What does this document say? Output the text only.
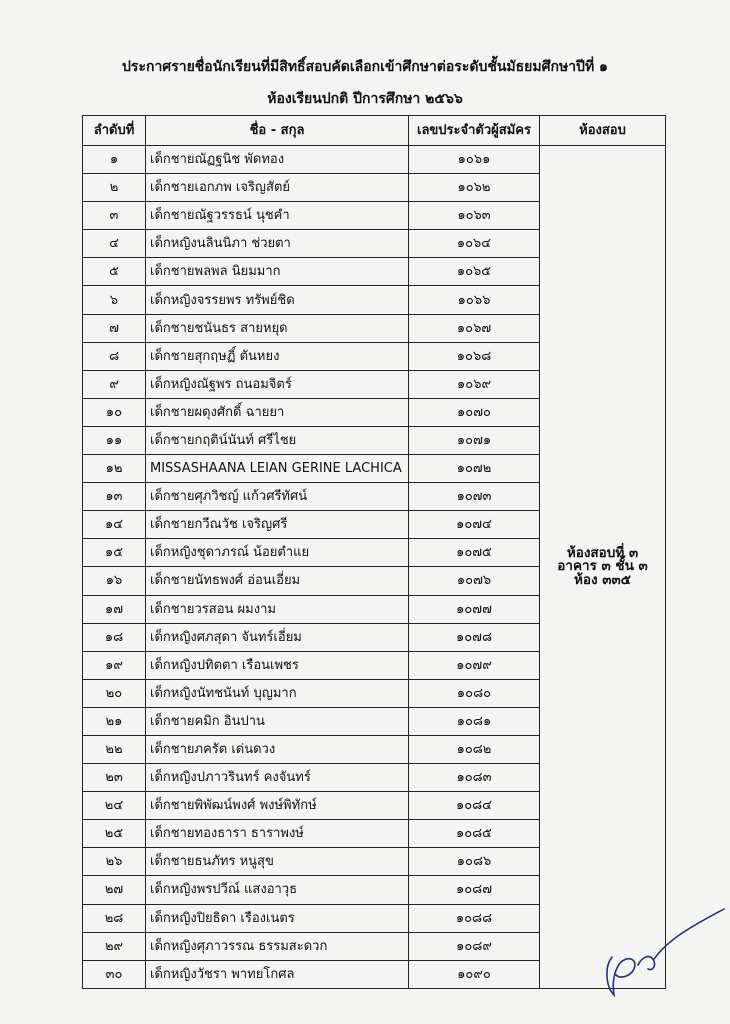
ประกาศรายชื่อนักเรียนที่มีสิทธิ์สอบคัดเลือกเข้าศึกษาต่อระดับชั้นมัธยมศึกษาปีที่ ๑
ห้องเรียนปกติ ปีการศึกษา ๒๕๖๖
ลำดับที่	ชื่อ - สกุล	เลขประจำตัวผู้สมัคร	ห้องสอบ
๑	เด็กชายณัฏฐนิช พัดทอง	๑๐๖๑	ห้องสอบที่ ๓
อาคาร ๓ ชั้น ๓
ห้อง ๓๓๕

๒	เด็กชายเอกภพ เจริญสัตย์	๑๐๖๒	
๓	เด็กชายณัฐวรรธน์ นุชคำ	๑๐๖๓	
๔	เด็กหญิงนลินนิภา ช่วยตา	๑๐๖๔	
๕	เด็กชายพลพล นิยมมาก	๑๐๖๕	
๖	เด็กหญิงจรรยพร ทรัพย์ชิด	๑๐๖๖	
๗	เด็กชายชนันธร สายหยุด	๑๐๖๗	
๘	เด็กชายสุกฤษฏิ์ ตันหยง	๑๐๖๘	
๙	เด็กหญิงณัฐพร ถนอมจิตร์	๑๐๖๙	
๑๐	เด็กชายผดุงศักดิ์ ฉายยา	๑๐๗๐	
๑๑	เด็กชายกฤติน์นันท์ ศรีไชย	๑๐๗๑	
๑๒	MISSASHAANA LEIAN GERINE LACHICA	๑๐๗๒	
๑๓	เด็กชายศุภวิชญ์ แก้วศรีทัศน์	๑๐๗๓	
๑๔	เด็กชายกวีณวัช เจริญศรี	๑๐๗๔	
๑๕	เด็กหญิงชุดาภรณ์ น้อยตำแย	๑๐๗๕	
๑๖	เด็กชายนัทธพงศ์ อ่อนเอี่ยม	๑๐๗๖	
๑๗	เด็กชายวรสอน ผมงาม	๑๐๗๗	
๑๘	เด็กหญิงศภสุดา จันทร์เอี่ยม	๑๐๗๘	
๑๙	เด็กหญิงปทิตตา เรือนเพชร	๑๐๗๙	
๒๐	เด็กหญิงนัทชนันท์ บุญมาก	๑๐๘๐	
๒๑	เด็กชายคมิก อินปาน	๑๐๘๑	
๒๒	เด็กชายภครัต เด่นดวง	๑๐๘๒	
๒๓	เด็กหญิงปภาวรินทร์ คงจันทร์	๑๐๘๓	
๒๔	เด็กชายพิพัฒน์พงศ์ พงษ์พิทักษ์	๑๐๘๔	
๒๕	เด็กชายทองธารา ธาราพงษ์	๑๐๘๕	
๒๖	เด็กชายธนภัทร หนูสุข	๑๐๘๖	
๒๗	เด็กหญิงพรปวีณ์ แสงอาวุธ	๑๐๘๗	
๒๘	เด็กหญิงปิยธิดา เรืองเนตร	๑๐๘๘	
๒๙	เด็กหญิงศุภาวรรณ ธรรมสะดวก	๑๐๘๙	
๓๐	เด็กหญิงวัชรา พาทยโกศล	๑๐๙๐	
